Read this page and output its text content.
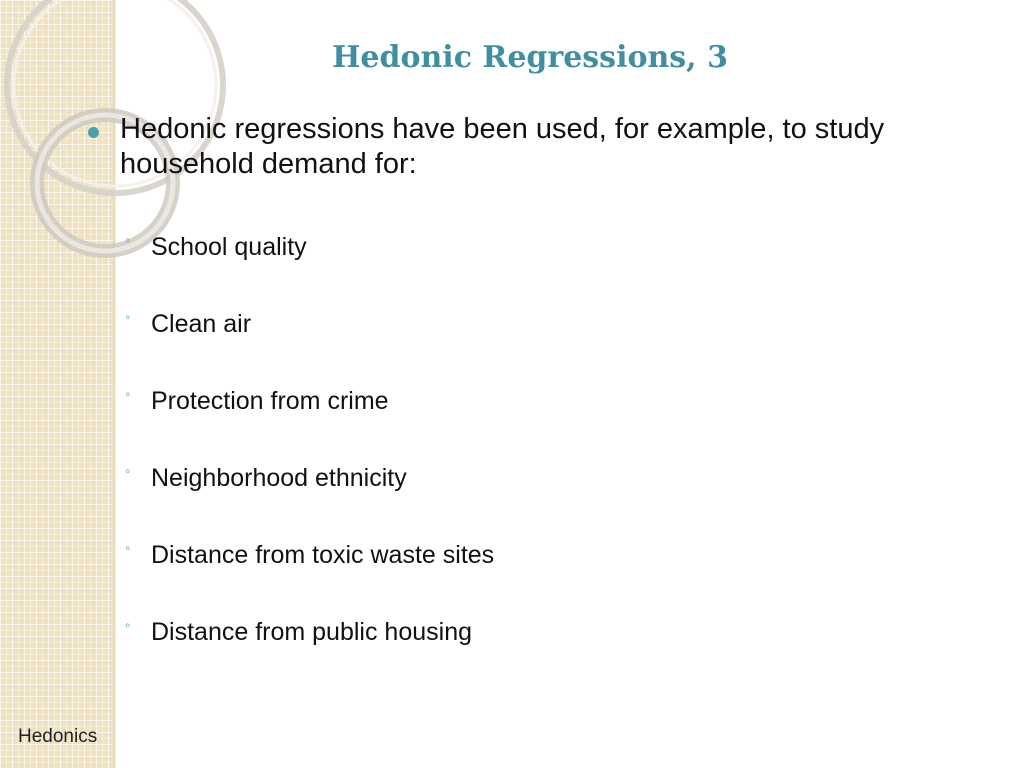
Hedonic Regressions, 3
Hedonic regressions have been used, for example, to study household demand for:
◦ School quality
◦ Clean air
◦ Protection from crime
◦ Neighborhood ethnicity
◦ Distance from toxic waste sites
◦ Distance from public housing
Hedonics
